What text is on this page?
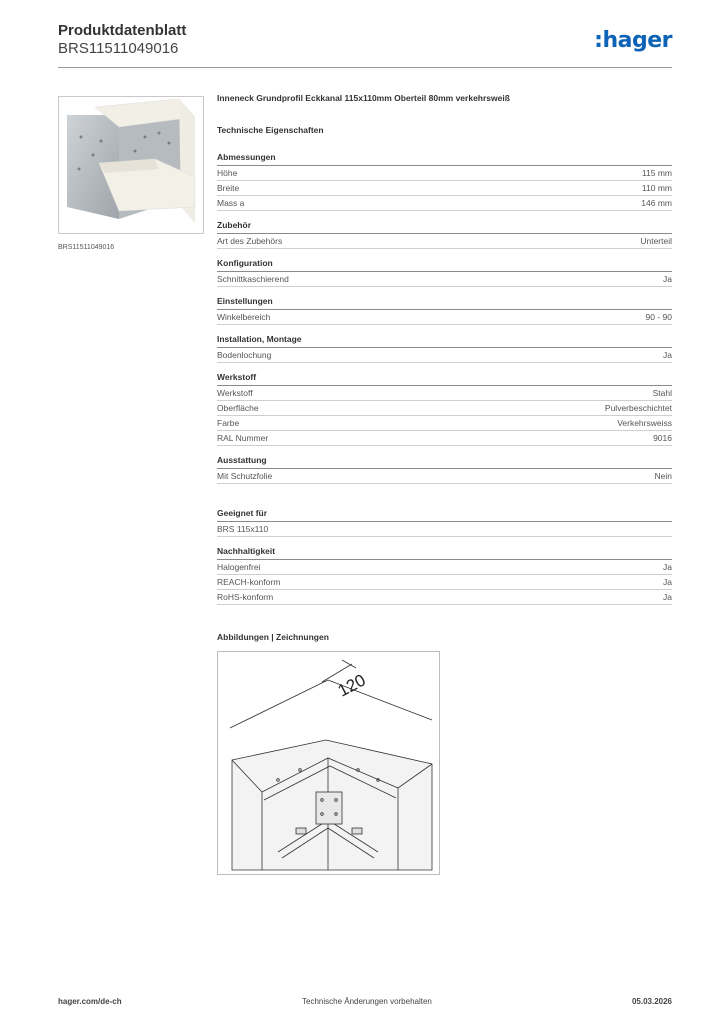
Produktdatenblatt
BRS11511049016	:hager
BRS11511049016
Inneneck Grundprofil Eckkanal 115x110mm Oberteil 80mm verkehrsweiß
Technische Eigenschaften
Abmessungen
Höhe	115 mm
Breite	110 mm
Mass a	146 mm
Zubehör
Art des Zubehörs	Unterteil
Konfiguration
Schnittkaschierend	Ja
Einstellungen
Winkelbereich	90 - 90
Installation, Montage
Bodenlochung	Ja
Werkstoff
Werkstoff	Stahl
Oberfläche	Pulverbeschichtet
Farbe	Verkehrsweiss
RAL Nummer	9016
Ausstattung
Mit Schutzfolie	Nein
Geeignet für
BRS 115x110
Nachhaltigkeit
Halogenfrei	Ja
REACH-konform	Ja
RoHS-konform	Ja
Abbildungen | Zeichnungen
120
hager.com/de-ch	Technische Änderungen vorbehalten	05.03.2026
